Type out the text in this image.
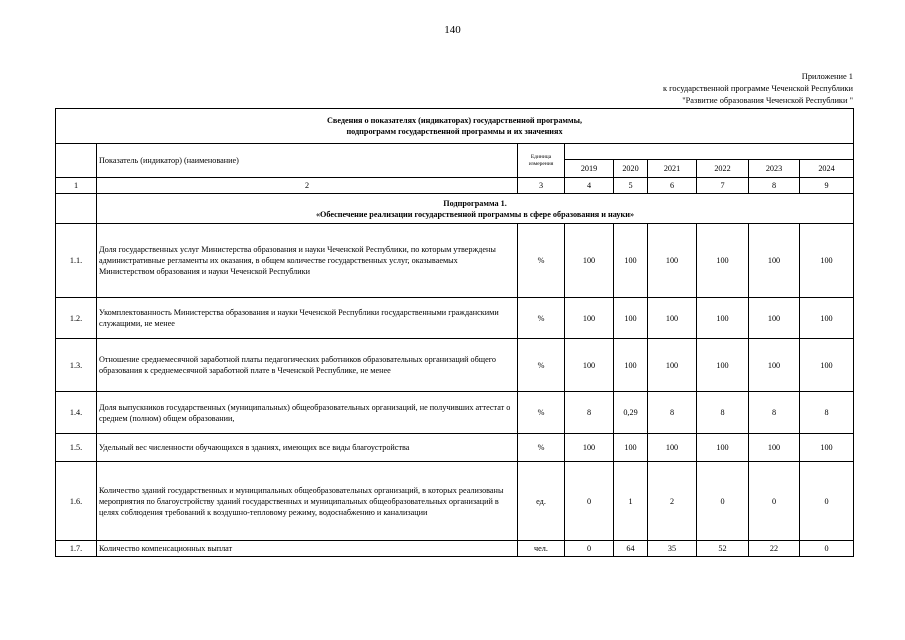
140
Приложение 1
к государственной программе Чеченской Республики
"Развитие образования Чеченской Республики "
Сведения о показателях (индикаторах) государственной программы,
подпрограмм государственной программы и их значениях								

	Показатель (индикатор) (наименование)	Единица
измерения						

			2019	2020	2021	2022	2023	2024
1	2	3	4	5	6	7	8	9

	Подпрограмма 1.
«Обеспечение реализации государственной программы в сфере образования и науки»							

1.1.	Доля государственных услуг Министерства образования и науки Чеченской Республики, по которым утверждены административные регламенты их оказания, в общем количестве государственных услуг, оказываемых Министерством образования и науки Чеченской Республики	%	100	100	100	100	100	100
1.2.	Укомплектованность Министерства образования и науки Чеченской Республики государственными гражданскими служащими, не менее	%	100	100	100	100	100	100
1.3.	Отношение среднемесячной заработной платы педагогических работников образовательных организаций общего образования к среднемесячной заработной плате в Чеченской Республике, не менее	%	100	100	100	100	100	100
1.4.	Доля выпускников государственных (муниципальных) общеобразовательных организаций, не получивших аттестат о среднем (полном) общем образовании,	%	8	0,29	8	8	8	8
1.5.	Удельный вес численности обучающихся в зданиях, имеющих все виды благоустройства	%	100	100	100	100	100	100
1.6.	Количество зданий государственных и муниципальных общеобразовательных организаций, в которых реализованы мероприятия по благоустройству зданий государственных и муниципальных общеобразовательных организаций в целях соблюдения требований к воздушно-тепловому режиму, водоснабжению и канализации	ед.	0	1	2	0	0	0
1.7.	Количество компенсационных выплат	чел.	0	64	35	52	22	0
